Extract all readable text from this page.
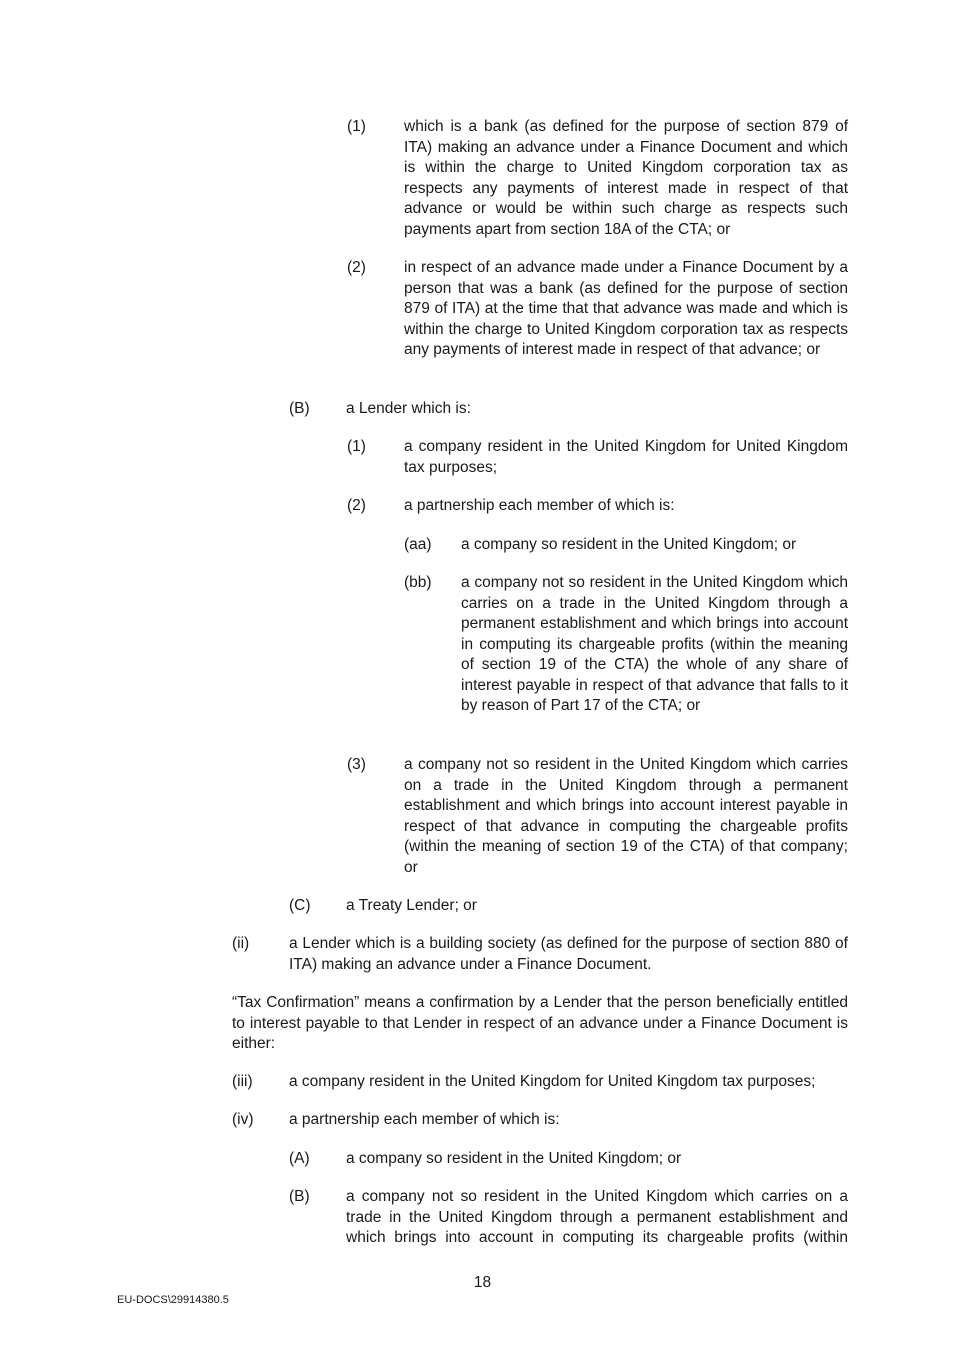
(1) which is a bank (as defined for the purpose of section 879 of ITA) making an advance under a Finance Document and which is within the charge to United Kingdom corporation tax as respects any payments of interest made in respect of that advance or would be within such charge as respects such payments apart from section 18A of the CTA; or
(2) in respect of an advance made under a Finance Document by a person that was a bank (as defined for the purpose of section 879 of ITA) at the time that that advance was made and which is within the charge to United Kingdom corporation tax as respects any payments of interest made in respect of that advance; or
(B) a Lender which is:
(1) a company resident in the United Kingdom for United Kingdom tax purposes;
(2) a partnership each member of which is:
(aa) a company so resident in the United Kingdom; or
(bb) a company not so resident in the United Kingdom which carries on a trade in the United Kingdom through a permanent establishment and which brings into account in computing its chargeable profits (within the meaning of section 19 of the CTA) the whole of any share of interest payable in respect of that advance that falls to it by reason of Part 17 of the CTA; or
(3) a company not so resident in the United Kingdom which carries on a trade in the United Kingdom through a permanent establishment and which brings into account interest payable in respect of that advance in computing the chargeable profits (within the meaning of section 19 of the CTA) of that company; or
(C) a Treaty Lender; or
(ii)	a Lender which is a building society (as defined for the purpose of section 880 of ITA) making an advance under a Finance Document.
“Tax Confirmation” means a confirmation by a Lender that the person beneficially entitled to interest payable to that Lender in respect of an advance under a Finance Document is either:
(iii) a company resident in the United Kingdom for United Kingdom tax purposes;
(iv) a partnership each member of which is:
(A) a company so resident in the United Kingdom; or
(B) a company not so resident in the United Kingdom which carries on a trade in the United Kingdom through a permanent establishment and which brings into account in computing its chargeable profits (within
18
EU-DOCS\29914380.5
